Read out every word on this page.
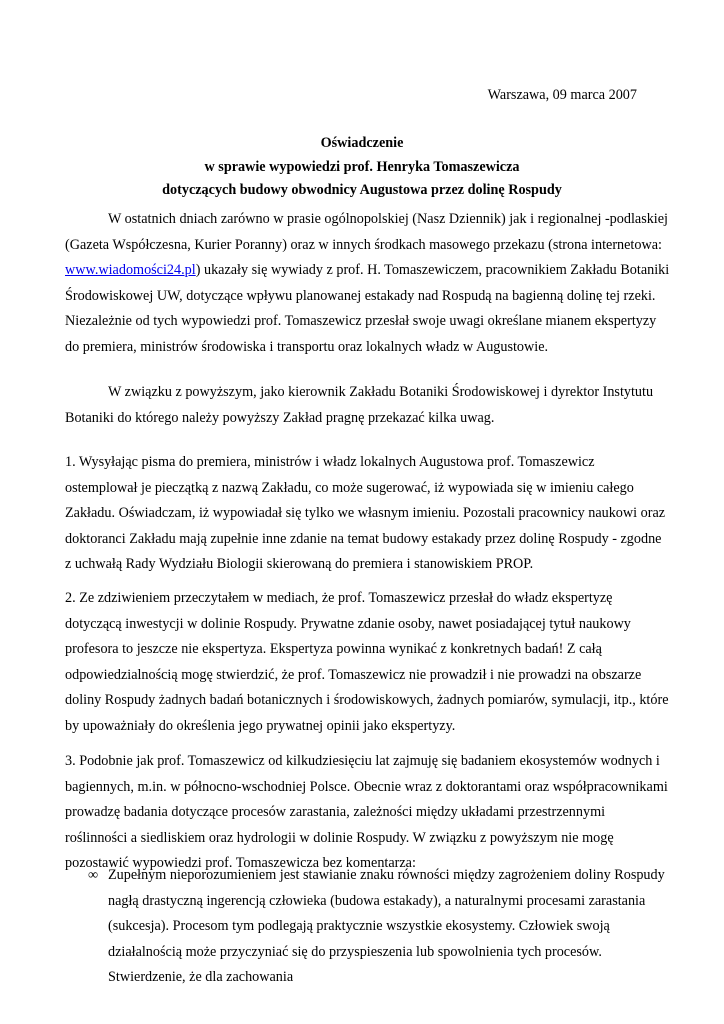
Warszawa, 09 marca 2007
Oświadczenie
w sprawie wypowiedzi prof. Henryka Tomaszewicza
dotyczących budowy obwodnicy Augustowa przez dolinę Rospudy
W ostatnich dniach zarówno w prasie ogólnopolskiej (Nasz Dziennik) jak i regionalnej -podlaskiej (Gazeta Współczesna, Kurier Poranny) oraz w innych środkach masowego przekazu (strona internetowa: www.wiadomości24.pl) ukazały się wywiady z prof. H. Tomaszewiczem, pracownikiem Zakładu Botaniki Środowiskowej UW, dotyczące wpływu planowanej estakady nad Rospudą na bagienną dolinę tej rzeki. Niezależnie od tych wypowiedzi prof. Tomaszewicz przesłał swoje uwagi określane mianem ekspertyzy do premiera, ministrów środowiska i transportu oraz lokalnych władz w Augustowie.
W związku z powyższym, jako kierownik Zakładu Botaniki Środowiskowej i dyrektor Instytutu Botaniki do którego należy powyższy Zakład pragnę przekazać kilka uwag.
1. Wysyłając pisma do premiera, ministrów i władz lokalnych Augustowa prof. Tomaszewicz ostemplował je pieczątką z nazwą Zakładu, co może sugerować, iż wypowiada się w imieniu całego Zakładu. Oświadczam, iż wypowiadał się tylko we własnym imieniu. Pozostali pracownicy naukowi oraz doktoranci Zakładu mają zupełnie inne zdanie na temat budowy estakady przez dolinę Rospudy - zgodne z uchwałą Rady Wydziału Biologii skierowaną do premiera i stanowiskiem PROP.
2. Ze zdziwieniem przeczytałem w mediach, że prof. Tomaszewicz przesłał do władz ekspertyzę dotyczącą inwestycji w dolinie Rospudy. Prywatne zdanie osoby, nawet posiadającej tytuł naukowy profesora to jeszcze nie ekspertyza. Ekspertyza powinna wynikać z konkretnych badań! Z całą odpowiedzialnością mogę stwierdzić, że prof. Tomaszewicz nie prowadził i nie prowadzi na obszarze doliny Rospudy żadnych badań botanicznych i środowiskowych, żadnych pomiarów, symulacji, itp., które by upoważniały do określenia jego prywatnej opinii jako ekspertyzy.
3. Podobnie jak prof. Tomaszewicz od kilkudziesięciu lat zajmuję się badaniem ekosystemów wodnych i bagiennych, m.in. w północno-wschodniej Polsce. Obecnie wraz z doktorantami oraz współpracownikami prowadzę badania dotyczące procesów zarastania, zależności między układami przestrzennymi roślinności a siedliskiem oraz hydrologii w dolinie Rospudy. W związku z powyższym nie mogę pozostawić wypowiedzi prof. Tomaszewicza bez komentarza:
∞ Zupełnym nieporozumieniem jest stawianie znaku równości między zagrożeniem doliny Rospudy nagłą drastyczną ingerencją człowieka (budowa estakady), a naturalnymi procesami zarastania (sukcesja). Procesom tym podlegają praktycznie wszystkie ekosystemy. Człowiek swoją działalnością może przyczyniać się do przyspieszenia lub spowolnienia tych procesów. Stwierdzenie, że dla zachowania
